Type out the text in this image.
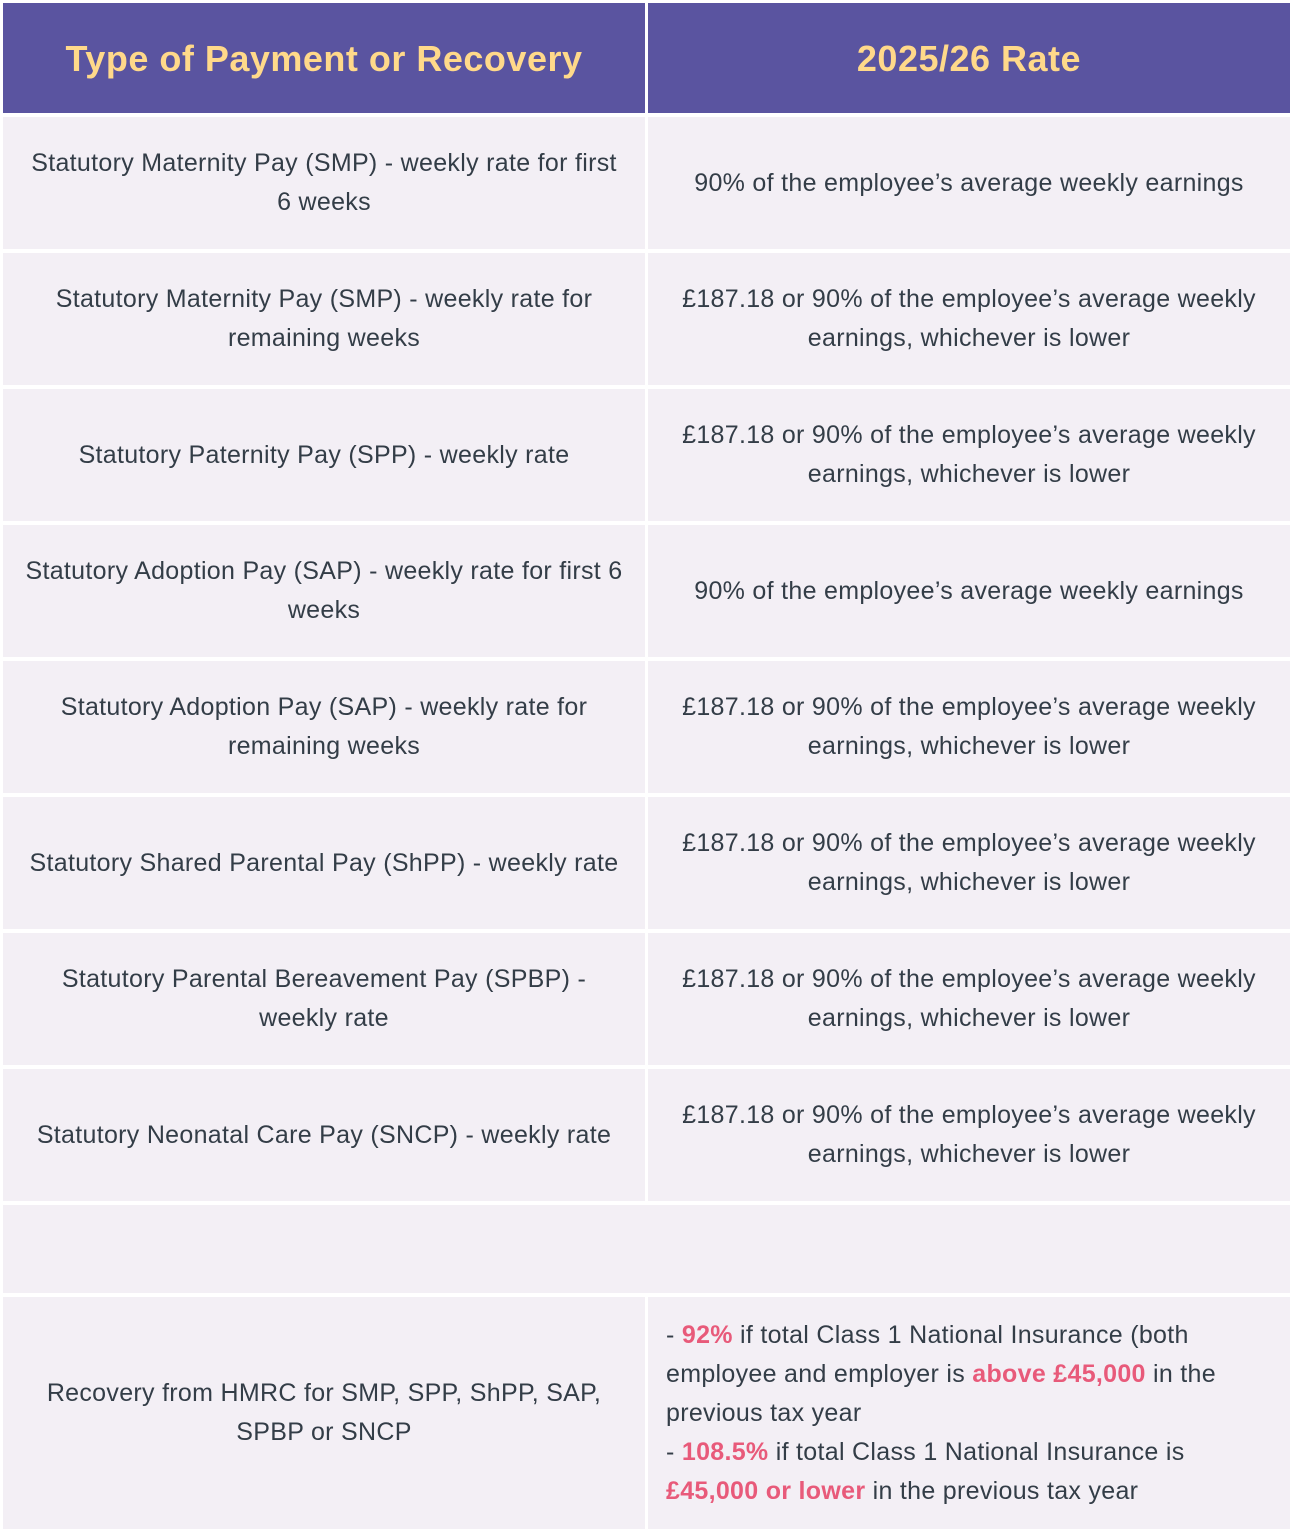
Type of Payment or Recovery	2025/26 Rate
Statutory Maternity Pay (SMP) - weekly rate for first 6 weeks
90% of the employee’s average weekly earnings
Statutory Maternity Pay (SMP) - weekly rate for remaining weeks
£187.18 or 90% of the employee’s average weekly earnings, whichever is lower
Statutory Paternity Pay (SPP) - weekly rate
£187.18 or 90% of the employee’s average weekly earnings, whichever is lower
Statutory Adoption Pay (SAP) - weekly rate for first 6 weeks
90% of the employee’s average weekly earnings
Statutory Adoption Pay (SAP) - weekly rate for remaining weeks
£187.18 or 90% of the employee’s average weekly earnings, whichever is lower
Statutory Shared Parental Pay (ShPP) - weekly rate
£187.18 or 90% of the employee’s average weekly earnings, whichever is lower
Statutory Parental Bereavement Pay (SPBP) - weekly rate
£187.18 or 90% of the employee’s average weekly earnings, whichever is lower
Statutory Neonatal Care Pay (SNCP) - weekly rate
£187.18 or 90% of the employee’s average weekly earnings, whichever is lower
Recovery from HMRC for SMP, SPP, ShPP, SAP, SPBP or SNCP
- 92% if total Class 1 National Insurance (both employee and employer is above £45,000 in the previous tax year
- 108.5% if total Class 1 National Insurance is £45,000 or lower in the previous tax year
